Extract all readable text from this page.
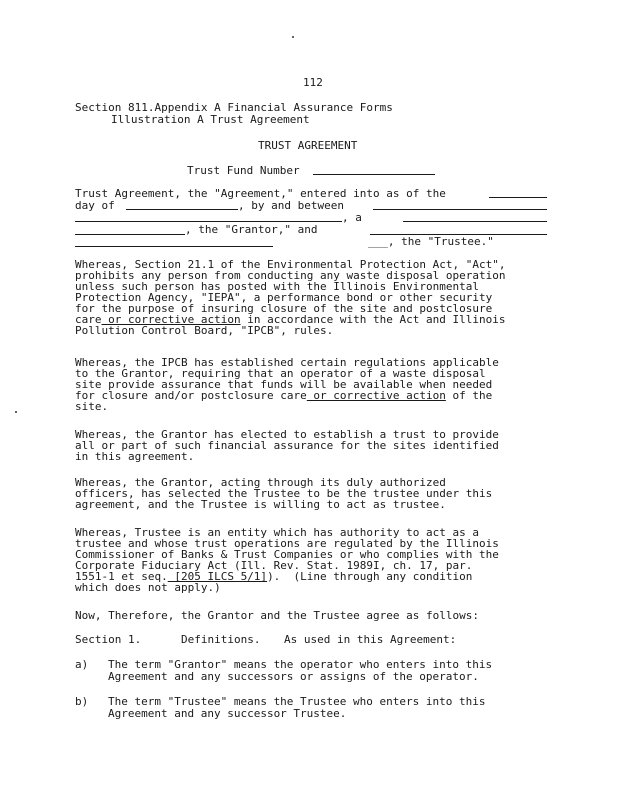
112
Section 811.Appendix A Financial Assurance Forms
Illustration A Trust Agreement
TRUST AGREEMENT
Trust Fund Number
Trust Agreement, the "Agreement," entered into as of the
day of	, by and between
, a
, the "Grantor," and
___, the "Trustee."
Whereas, Section 21.1 of the Environmental Protection Act, "Act",
prohibits any person from conducting any waste disposal operation
unless such person has posted with the Illinois Environmental
Protection Agency, "IEPA", a performance bond or other security
for the purpose of insuring closure of the site and postclosure
care or corrective action in accordance with the Act and Illinois
Pollution Control Board, "IPCB", rules.
Whereas, the IPCB has established certain regulations applicable
to the Grantor, requiring that an operator of a waste disposal
site provide assurance that funds will be available when needed
for closure and/or postclosure care or corrective action of the
site.
Whereas, the Grantor has elected to establish a trust to provide
all or part of such financial assurance for the sites identified
in this agreement.
Whereas, the Grantor, acting through its duly authorized
officers, has selected the Trustee to be the trustee under this
agreement, and the Trustee is willing to act as trustee.
Whereas, Trustee is an entity which has authority to act as a
trustee and whose trust operations are regulated by the Illinois
Commissioner of Banks & Trust Companies or who complies with the
Corporate Fiduciary Act (Ill. Rev. Stat. 1989I, ch. 17, par.
1551-1 et seq. [205 ILCS 5/1]).  (Line through any condition
which does not apply.)
Now, Therefore, the Grantor and the Trustee agree as follows:
Section 1.	Definitions. As used in this Agreement:
a) The term "Grantor" means the operator who enters into this
Agreement and any successors or assigns of the operator.
b) The term "Trustee" means the Trustee who enters into this
Agreement and any successor Trustee.
